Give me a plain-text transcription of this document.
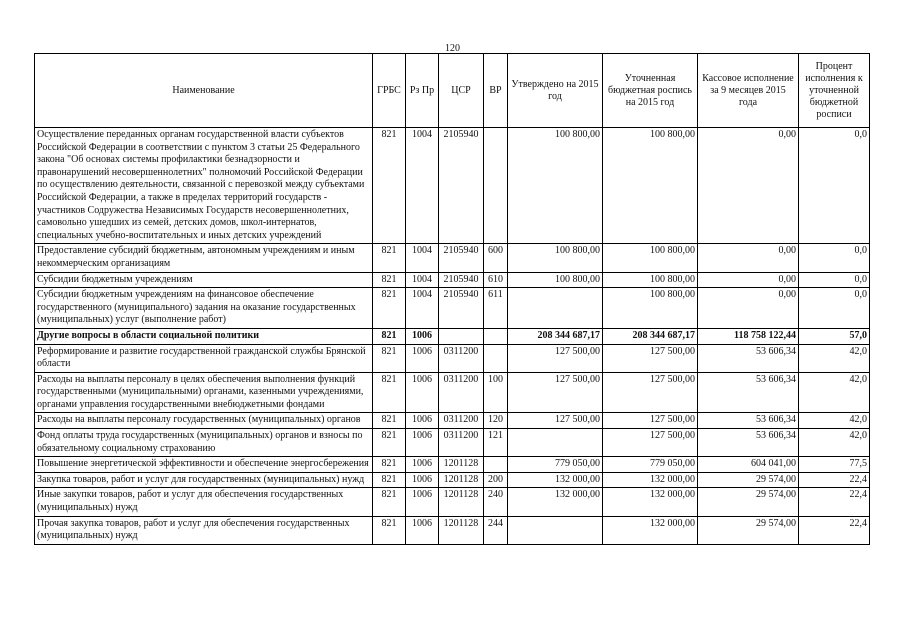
120
Наименование	ГРБС	Рз Пр	ЦСР	ВР	Утверждено на 2015 год	Уточненная бюджетная роспись на 2015 год	Кассовое исполнение за 9 месяцев 2015 года	Процент исполнения к уточненной бюджетной росписи
Осуществление переданных органам государственной власти субъектов Российской Федерации в соответствии с пунктом 3 статьи 25 Федерального закона "Об основах системы профилактики безнадзорности и правонарушений несовершеннолетних" полномочий Российской Федерации по осуществлению деятельности, связанной с перевозкой между субъектами Российской Федерации, а также в пределах территорий государств - участников Содружества Независимых Государств несовершеннолетних, самовольно ушедших из семей, детских домов, школ-интернатов, специальных учебно-воспитательных и иных детских учреждений	821	1004	2105940		100 800,00	100 800,00	0,00	0,0
Предоставление субсидий бюджетным, автономным учреждениям и иным некоммерческим организациям	821	1004	2105940	600	100 800,00	100 800,00	0,00	0,0
Субсидии бюджетным учреждениям	821	1004	2105940	610	100 800,00	100 800,00	0,00	0,0
Субсидии бюджетным учреждениям на финансовое обеспечение государственного (муниципального) задания на оказание государственных (муниципальных) услуг (выполнение работ)	821	1004	2105940	611		100 800,00	0,00	0,0
Другие вопросы в области социальной политики	821	1006			208 344 687,17	208 344 687,17	118 758 122,44	57,0
Реформирование и развитие государственной гражданской службы Брянской области	821	1006	0311200		127 500,00	127 500,00	53 606,34	42,0
Расходы на выплаты персоналу в целях обеспечения выполнения функций государственными (муниципальными) органами, казенными учреждениями, органами управления государственными внебюджетными фондами	821	1006	0311200	100	127 500,00	127 500,00	53 606,34	42,0
Расходы на выплаты персоналу государственных (муниципальных) органов	821	1006	0311200	120	127 500,00	127 500,00	53 606,34	42,0
Фонд оплаты труда государственных (муниципальных) органов и взносы по обязательному социальному страхованию	821	1006	0311200	121		127 500,00	53 606,34	42,0
Повышение энергетической эффективности и обеспечение энергосбережения	821	1006	1201128		779 050,00	779 050,00	604 041,00	77,5
Закупка товаров, работ и услуг для государственных (муниципальных) нужд	821	1006	1201128	200	132 000,00	132 000,00	29 574,00	22,4
Иные закупки товаров, работ и услуг для обеспечения государственных (муниципальных) нужд	821	1006	1201128	240	132 000,00	132 000,00	29 574,00	22,4
Прочая закупка товаров, работ и услуг для обеспечения государственных (муниципальных) нужд	821	1006	1201128	244		132 000,00	29 574,00	22,4
